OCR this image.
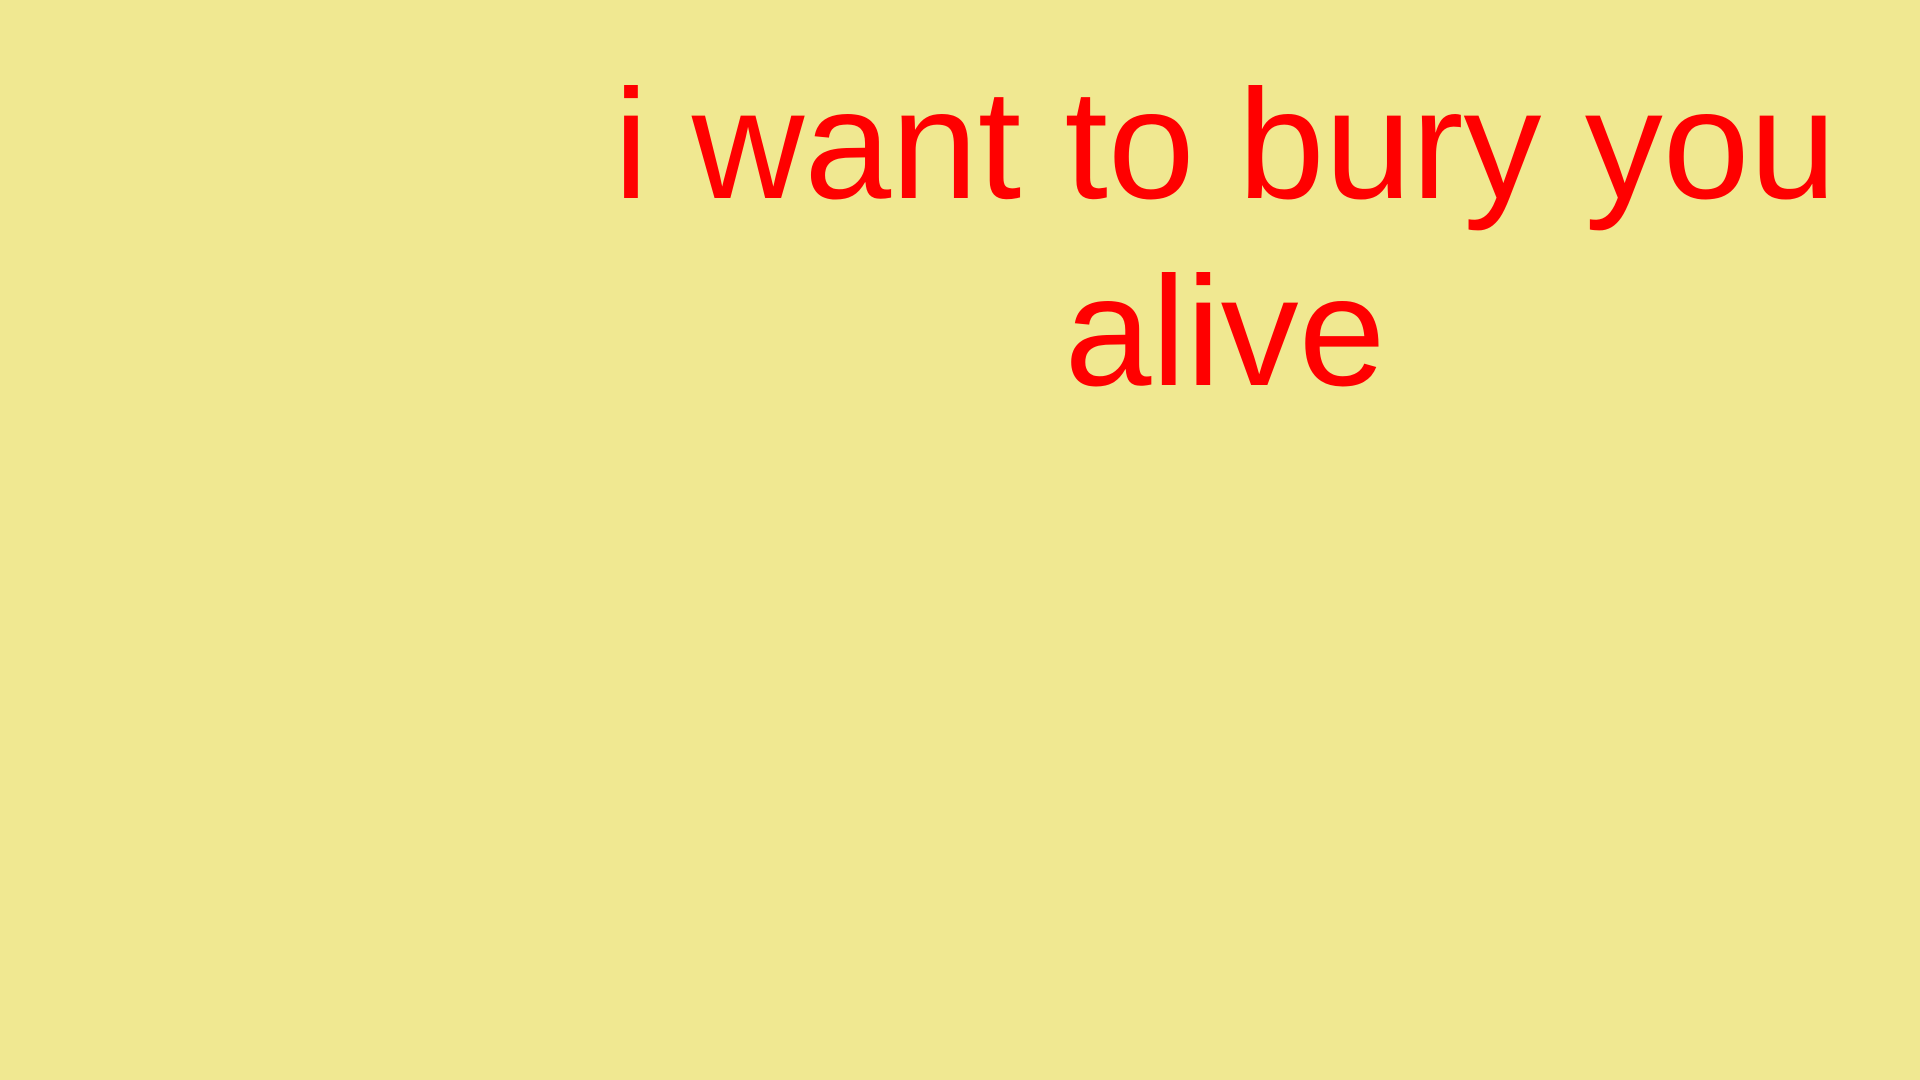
i want to bury you alive
